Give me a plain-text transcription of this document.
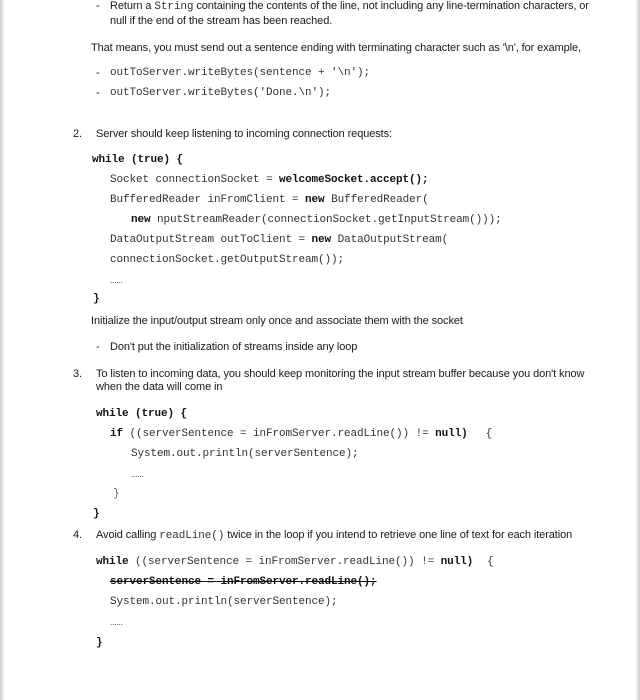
- Return a String containing the contents of the line, not including any line-termination characters, or
null if the end of the stream has been reached.
That means, you must send out a sentence ending with terminating character such as '\n', for example,
- outToServer.writeBytes(sentence + '\n');
- outToServer.writeBytes('Done.\n');
2. Server should keep listening to incoming connection requests:
while (true) {
Socket connectionSocket = welcomeSocket.accept();
BufferedReader inFromClient = new BufferedReader(
new nputStreamReader(connectionSocket.getInputStream()));
DataOutputStream outToClient = new DataOutputStream(
connectionSocket.getOutputStream());
......
}
Initialize the input/output stream only once and associate them with the socket
- Don't put the initialization of streams inside any loop
3. To listen to incoming data, you should keep monitoring the input stream buffer because you don't know
when the data will come in
while (true) {
if ((serverSentence = inFromServer.readLine()) != null) {
System.out.println(serverSentence);
......
}
}
4. Avoid calling readLine() twice in the loop if you intend to retrieve one line of text for each iteration
while ((serverSentence = inFromServer.readLine()) != null) {
serverSentence = inFromServer.readLine();
System.out.println(serverSentence);
......
}
